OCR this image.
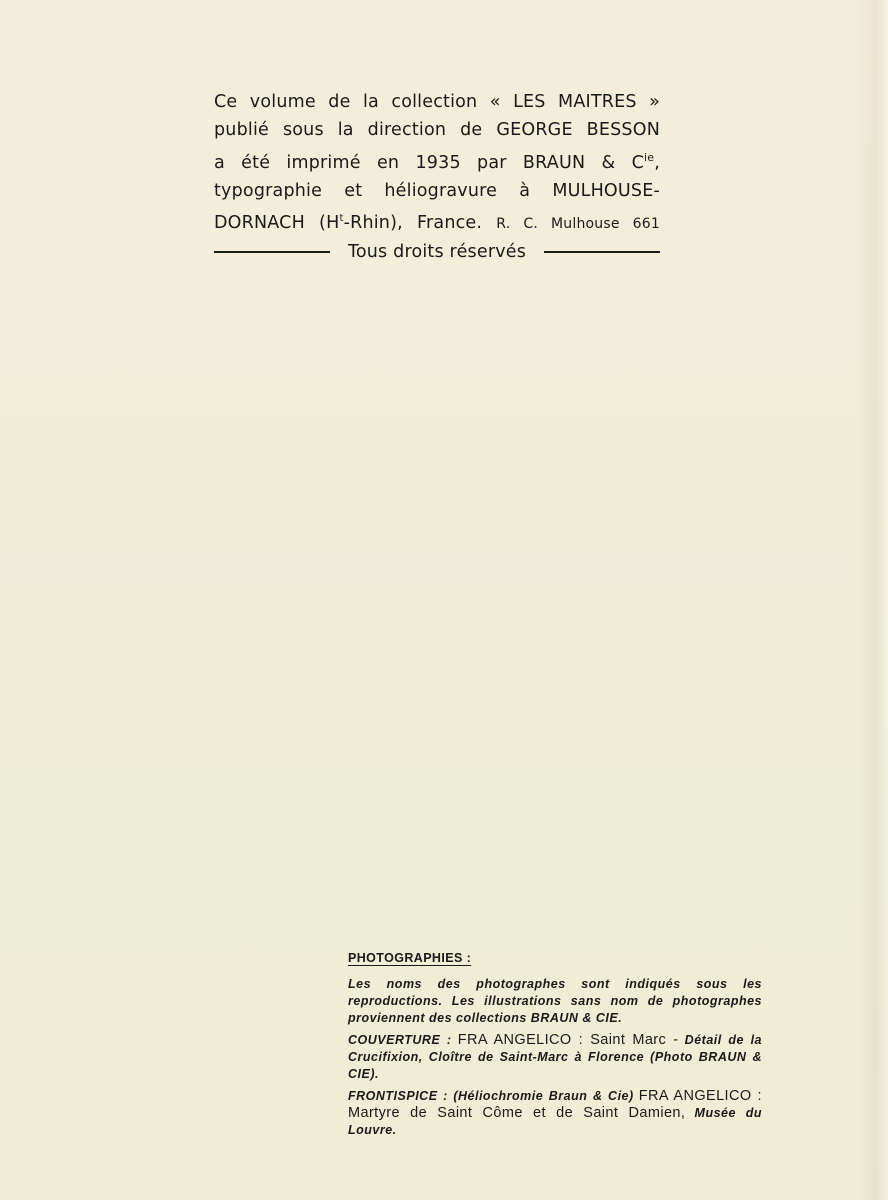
Ce volume de la collection « LES MAITRES »
publié sous la direction de GEORGE BESSON
a été imprimé en 1935 par BRAUN & $C^{ie}$,
typographie et héliogravure à MULHOUSE-
DORNACH $(H^t-Rhin)$, France. R. C. Mulhouse 661
Tous droits réservés
PHOTOGRAPHIES :

Les noms des photographes sont indiqués sous les reproductions. Les illustrations sans nom de photographes proviennent des collections BRAUN & CIE.

COUVERTURE : FRA ANGELICO : Saint Marc - Détail de la Crucifixion, Cloître de Saint-Marc à Florence (Photo BRAUN & CIE).

FRONTISPICE : (Héliochromie Braun & Cie) FRA ANGELICO : Martyre de Saint Côme et de Saint Damien, Musée du Louvre.
